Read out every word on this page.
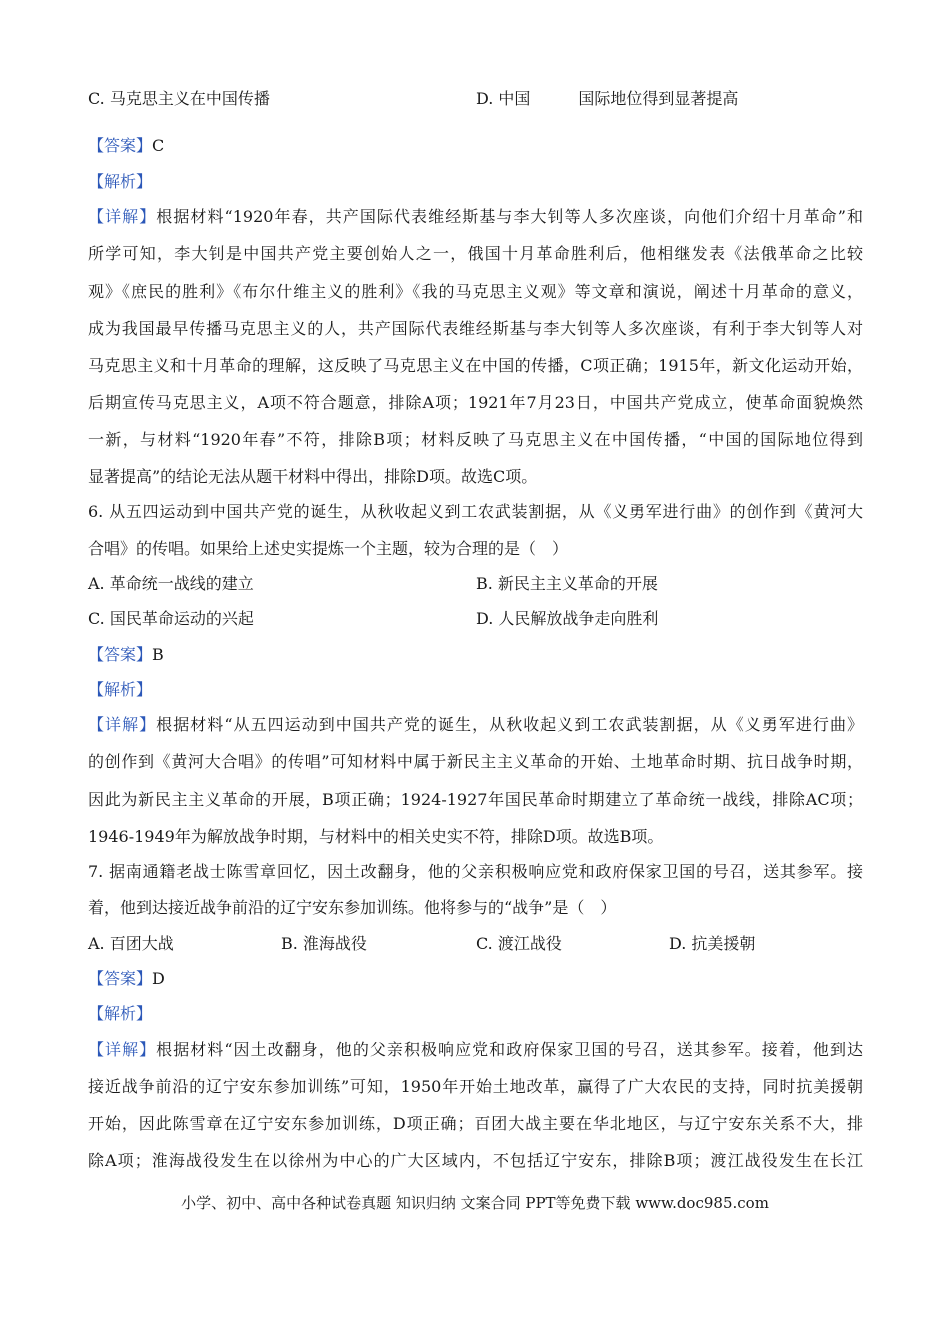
C. 马克思主义在中国传播	D. 中国　　　国际地位得到显著提高
【答案】C
【解析】
【详解】根据材料“1920年春，共产国际代表维经斯基与李大钊等人多次座谈，向他们介绍十月革命”和
所学可知，李大钊是中国共产党主要创始人之一，俄国十月革命胜利后，他相继发表《法俄革命之比较
观》《庶民的胜利》《布尔什维主义的胜利》《我的马克思主义观》等文章和演说，阐述十月革命的意义，
成为我国最早传播马克思主义的人，共产国际代表维经斯基与李大钊等人多次座谈，有利于李大钊等人对
马克思主义和十月革命的理解，这反映了马克思主义在中国的传播，C项正确；1915年，新文化运动开始，
后期宣传马克思主义，A项不符合题意，排除A项；1921年7月23日，中国共产党成立，使革命面貌焕然
一新，与材料“1920年春”不符，排除B项；材料反映了马克思主义在中国传播，“中国的国际地位得到
显著提高”的结论无法从题干材料中得出，排除D项。故选C项。
6. 从五四运动到中国共产党的诞生，从秋收起义到工农武装割据，从《义勇军进行曲》的创作到《黄河大
合唱》的传唱。如果给上述史实提炼一个主题，较为合理的是（　）
A. 革命统一战线的建立	B. 新民主主义革命的开展
C. 国民革命运动的兴起	D. 人民解放战争走向胜利
【答案】B
【解析】
【详解】根据材料“从五四运动到中国共产党的诞生，从秋收起义到工农武装割据，从《义勇军进行曲》
的创作到《黄河大合唱》的传唱”可知材料中属于新民主主义革命的开始、土地革命时期、抗日战争时期，
因此为新民主主义革命的开展，B项正确；1924-1927年国民革命时期建立了革命统一战线，排除AC项；
1946-1949年为解放战争时期，与材料中的相关史实不符，排除D项。故选B项。
7. 据南通籍老战士陈雪章回忆，因土改翻身，他的父亲积极响应党和政府保家卫国的号召，送其参军。接
着，他到达接近战争前沿的辽宁安东参加训练。他将参与的“战争”是（　）
A. 百团大战	B. 淮海战役	C. 渡江战役	D. 抗美援朝
【答案】D
【解析】
【详解】根据材料“因土改翻身，他的父亲积极响应党和政府保家卫国的号召，送其参军。接着，他到达
接近战争前沿的辽宁安东参加训练”可知，1950年开始土地改革，赢得了广大农民的支持，同时抗美援朝
开始，因此陈雪章在辽宁安东参加训练，D项正确；百团大战主要在华北地区，与辽宁安东关系不大，排
除A项；淮海战役发生在以徐州为中心的广大区域内，不包括辽宁安东，排除B项；渡江战役发生在长江
小学、初中、高中各种试卷真题 知识归纳 文案合同 PPT等免费下载 www.doc985.com
